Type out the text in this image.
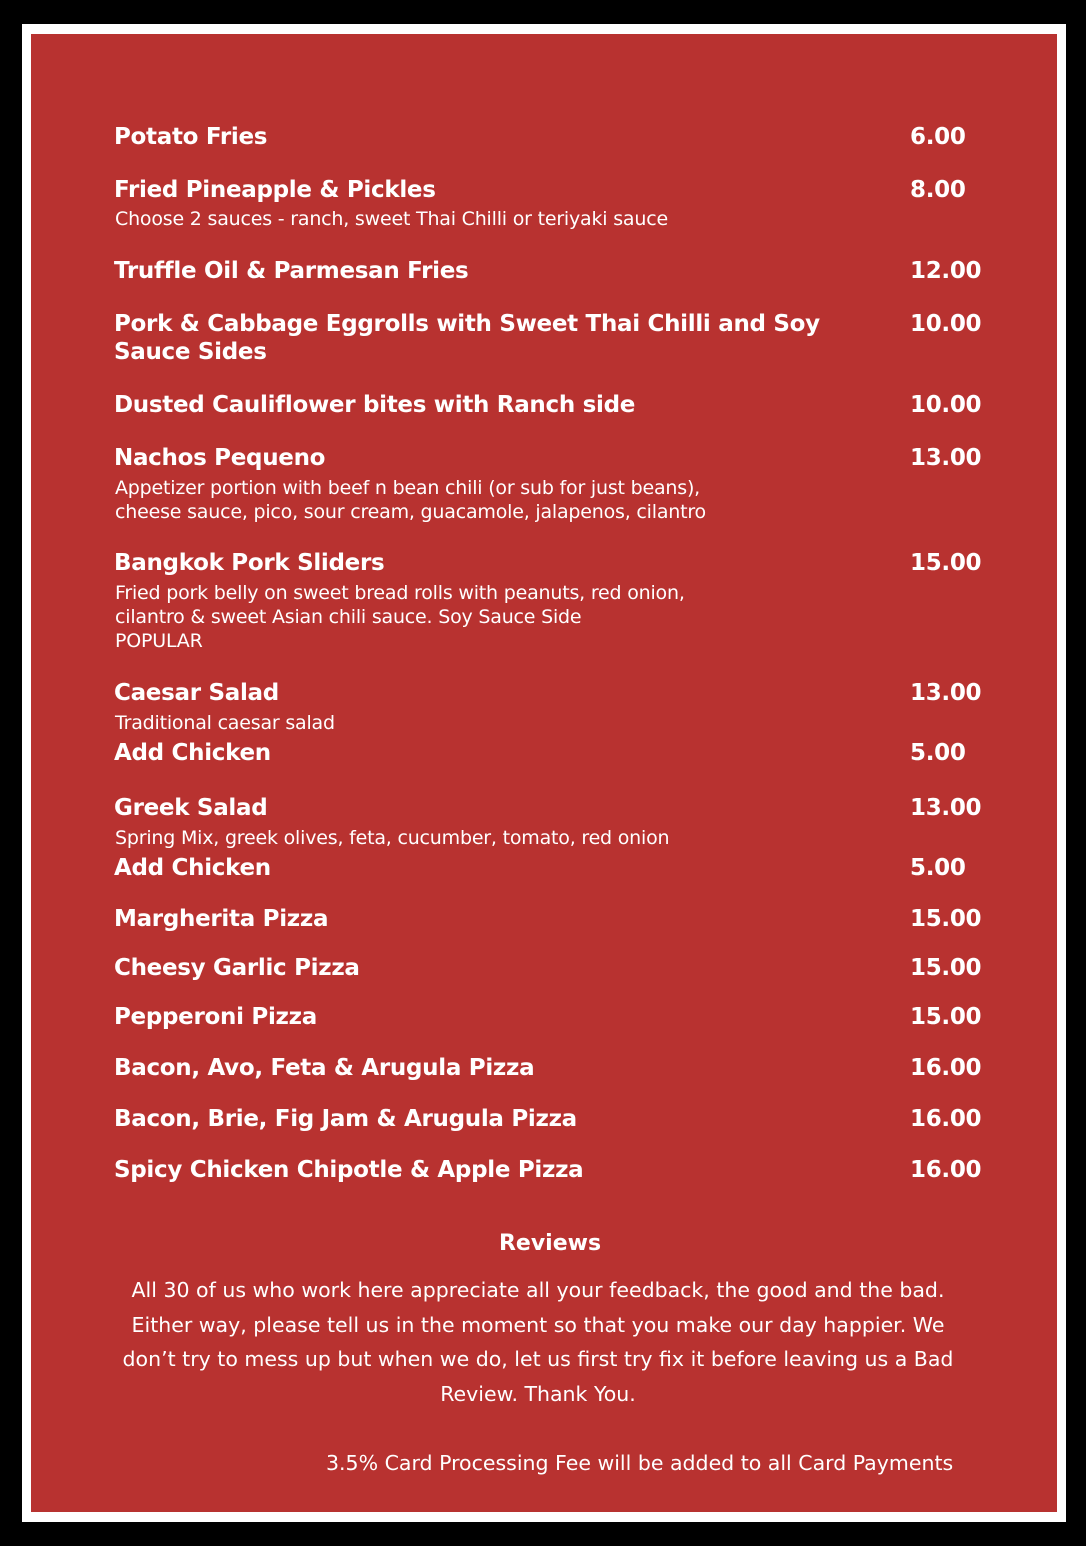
Potato Fries	6.00
Fried Pineapple & Pickles	8.00
Choose 2 sauces - ranch, sweet Thai Chilli or teriyaki sauce
Truffle Oil & Parmesan Fries	12.00
Pork & Cabbage Eggrolls with Sweet Thai Chilli and Soy
Sauce Sides
10.00
Dusted Cauliflower bites with Ranch side	10.00
Nachos Pequeno	13.00
Appetizer portion with beef n bean chili (or sub for just beans),
cheese sauce, pico, sour cream, guacamole, jalapenos, cilantro
Bangkok Pork Sliders	15.00
Fried pork belly on sweet bread rolls with peanuts, red onion,
cilantro & sweet Asian chili sauce. Soy Sauce Side
POPULAR
Caesar Salad	13.00
Traditional caesar salad
Add Chicken	5.00
Greek Salad	13.00
Spring Mix, greek olives, feta, cucumber, tomato, red onion
Add Chicken	5.00
Margherita Pizza	15.00
Cheesy Garlic Pizza	15.00
Pepperoni Pizza	15.00
Bacon, Avo, Feta & Arugula Pizza	16.00
Bacon, Brie, Fig Jam & Arugula Pizza	16.00
Spicy Chicken Chipotle & Apple Pizza	16.00
Reviews
All 30 of us who work here appreciate all your feedback, the good and the bad. Either way, please tell us in the moment so that you make our day happier. We don’t try to mess up but when we do, let us first try fix it before leaving us a Bad Review. Thank You.
3.5% Card Processing Fee will be added to all Card Payments
